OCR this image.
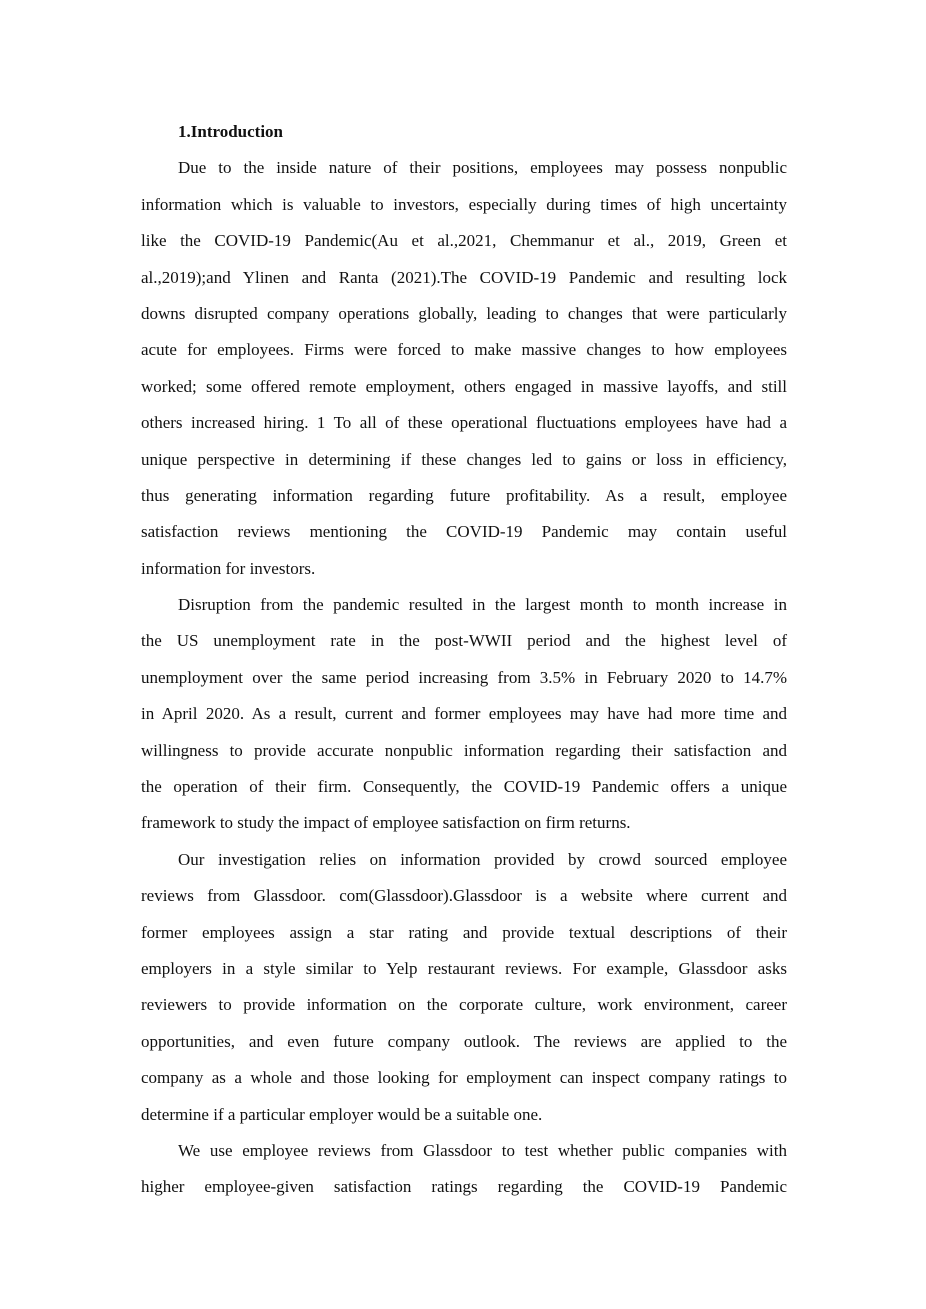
1.Introduction
Due to the inside nature of their positions, employees may possess nonpublic
information which is valuable to investors, especially during times of high uncertainty
like the COVID-19 Pandemic(Au et al.,2021, Chemmanur et al., 2019, Green et
al.,2019);and Ylinen and Ranta (2021).The COVID-19 Pandemic and resulting lock
downs disrupted company operations globally, leading to changes that were particularly
acute for employees. Firms were forced to make massive changes to how employees
worked; some offered remote employment, others engaged in massive layoffs, and still
others increased hiring. 1 To all of these operational fluctuations employees have had a
unique perspective in determining if these changes led to gains or loss in efficiency,
thus generating information regarding future profitability. As a result, employee
satisfaction reviews mentioning the COVID-19 Pandemic may contain useful
information for investors.
Disruption from the pandemic resulted in the largest month to month increase in
the US unemployment rate in the post-WWII period and the highest level of
unemployment over the same period increasing from 3.5% in February 2020 to 14.7%
in April 2020. As a result, current and former employees may have had more time and
willingness to provide accurate nonpublic information regarding their satisfaction and
the operation of their firm. Consequently, the COVID-19 Pandemic offers a unique
framework to study the impact of employee satisfaction on firm returns.
Our investigation relies on information provided by crowd sourced employee
reviews from Glassdoor. com(Glassdoor).Glassdoor is a website where current and
former employees assign a star rating and provide textual descriptions of their
employers in a style similar to Yelp restaurant reviews. For example, Glassdoor asks
reviewers to provide information on the corporate culture, work environment, career
opportunities, and even future company outlook. The reviews are applied to the
company as a whole and those looking for employment can inspect company ratings to
determine if a particular employer would be a suitable one.
We use employee reviews from Glassdoor to test whether public companies with
higher employee-given satisfaction ratings regarding the COVID-19 Pandemic
